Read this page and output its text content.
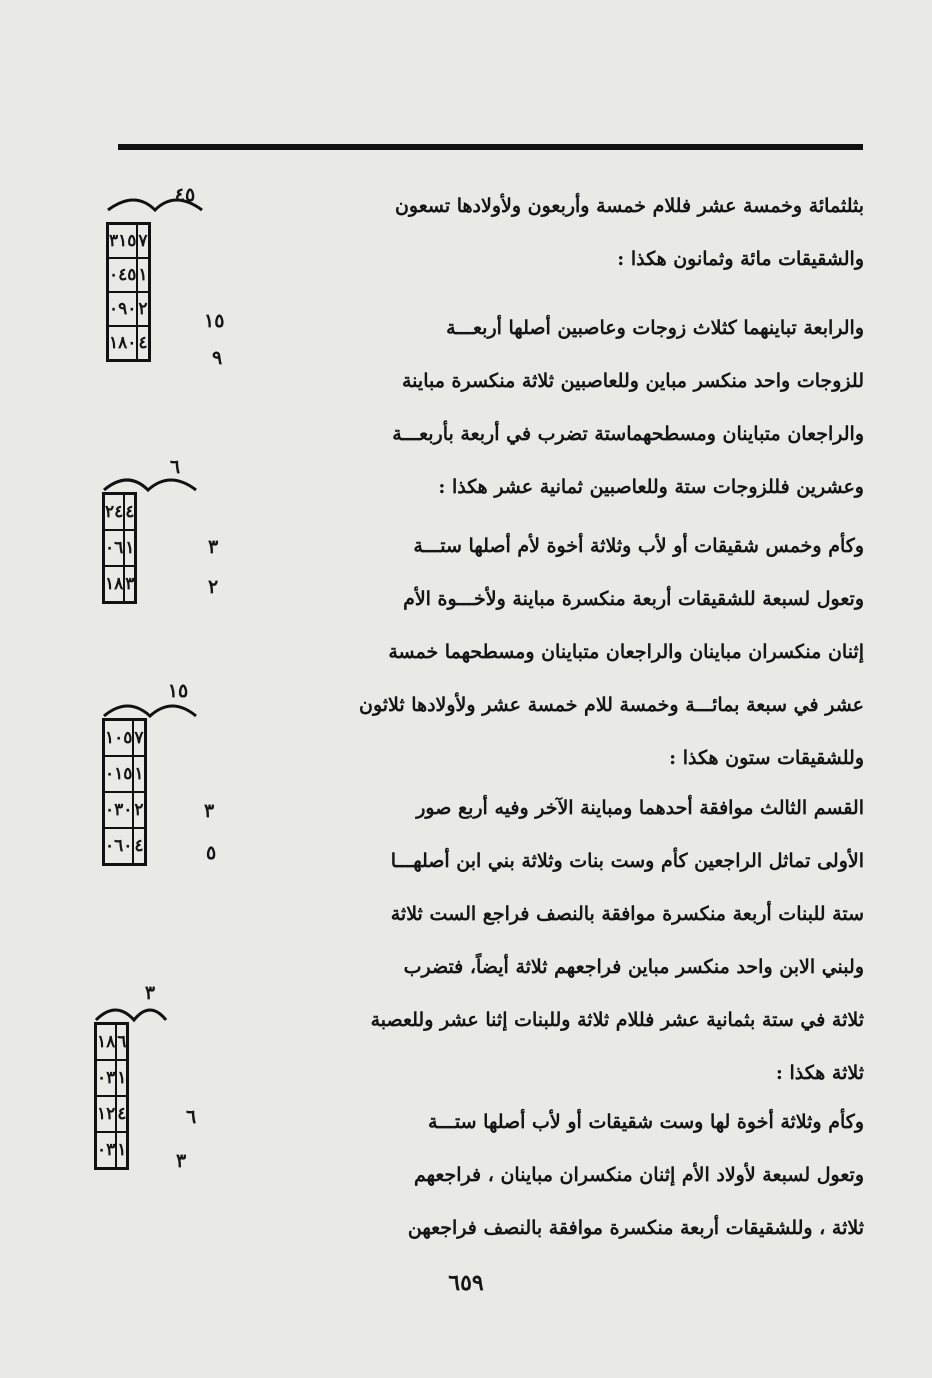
بثلثمائة وخمسة عشر فللام خمسة وأربعون ولأولادها تسعون
والشقيقات مائة وثمانون هكذا :
والرابعة تباينهما كثلاث زوجات وعاصبين أصلها أربعـــة
للزوجات واحد منكسر مباين وللعاصبين ثلاثة منكسرة مباينة
والراجعان متباينان ومسطحهماستة تضرب في أربعة بأربعـــة
وعشرين فللزوجات ستة وللعاصبين ثمانية عشر هكذا :
وكأم وخمس شقيقات أو لأب وثلاثة أخوة لأم أصلها ستـــة
وتعول لسبعة للشقيقات أربعة منكسرة مباينة ولأخـــوة الأم
إثنان منكسران مباينان والراجعان متباينان ومسطحهما خمسة
عشر في سبعة بمائـــة وخمسة للام خمسة عشر ولأولادها ثلاثون
وللشقيقات ستون هكذا :
القسم الثالث موافقة أحدهما ومباينة الآخر وفيه أربع صور
الأولى تماثل الراجعين كأم وست بنات وثلاثة بني ابن أصلهـــا
ستة للبنات أربعة منكسرة موافقة بالنصف فراجع الست ثلاثة
ولبني الابن واحد منكسر مباين فراجعهم ثلاثة أيضاً، فتضرب
ثلاثة في ستة بثمانية عشر فللام ثلاثة وللبنات إثنا عشر وللعصبة
ثلاثة هكذا :
وكأم وثلاثة أخوة لها وست شقيقات أو لأب أصلها ستـــة
وتعول لسبعة لأولاد الأم إثنان منكسران مباينان ، فراجعهم
ثلاثة ، وللشقيقات أربعة منكسرة موافقة بالنصف فراجعهن
٤٥
٣١٥	٧
٠٤٥	١
٠٩٠	٢
١٨٠	٤
١٥
٩
٦
٢٤	٤
٠٦	١
١٨	٣
٣
٢
١٥
١٠٥	٧
٠١٥	١
٠٣٠	٢
٠٦٠	٤
٣
٥
٣
١٨	٦
٠٣	١
١٢	٤
٠٣	١
٦
٣
٦٥٩
